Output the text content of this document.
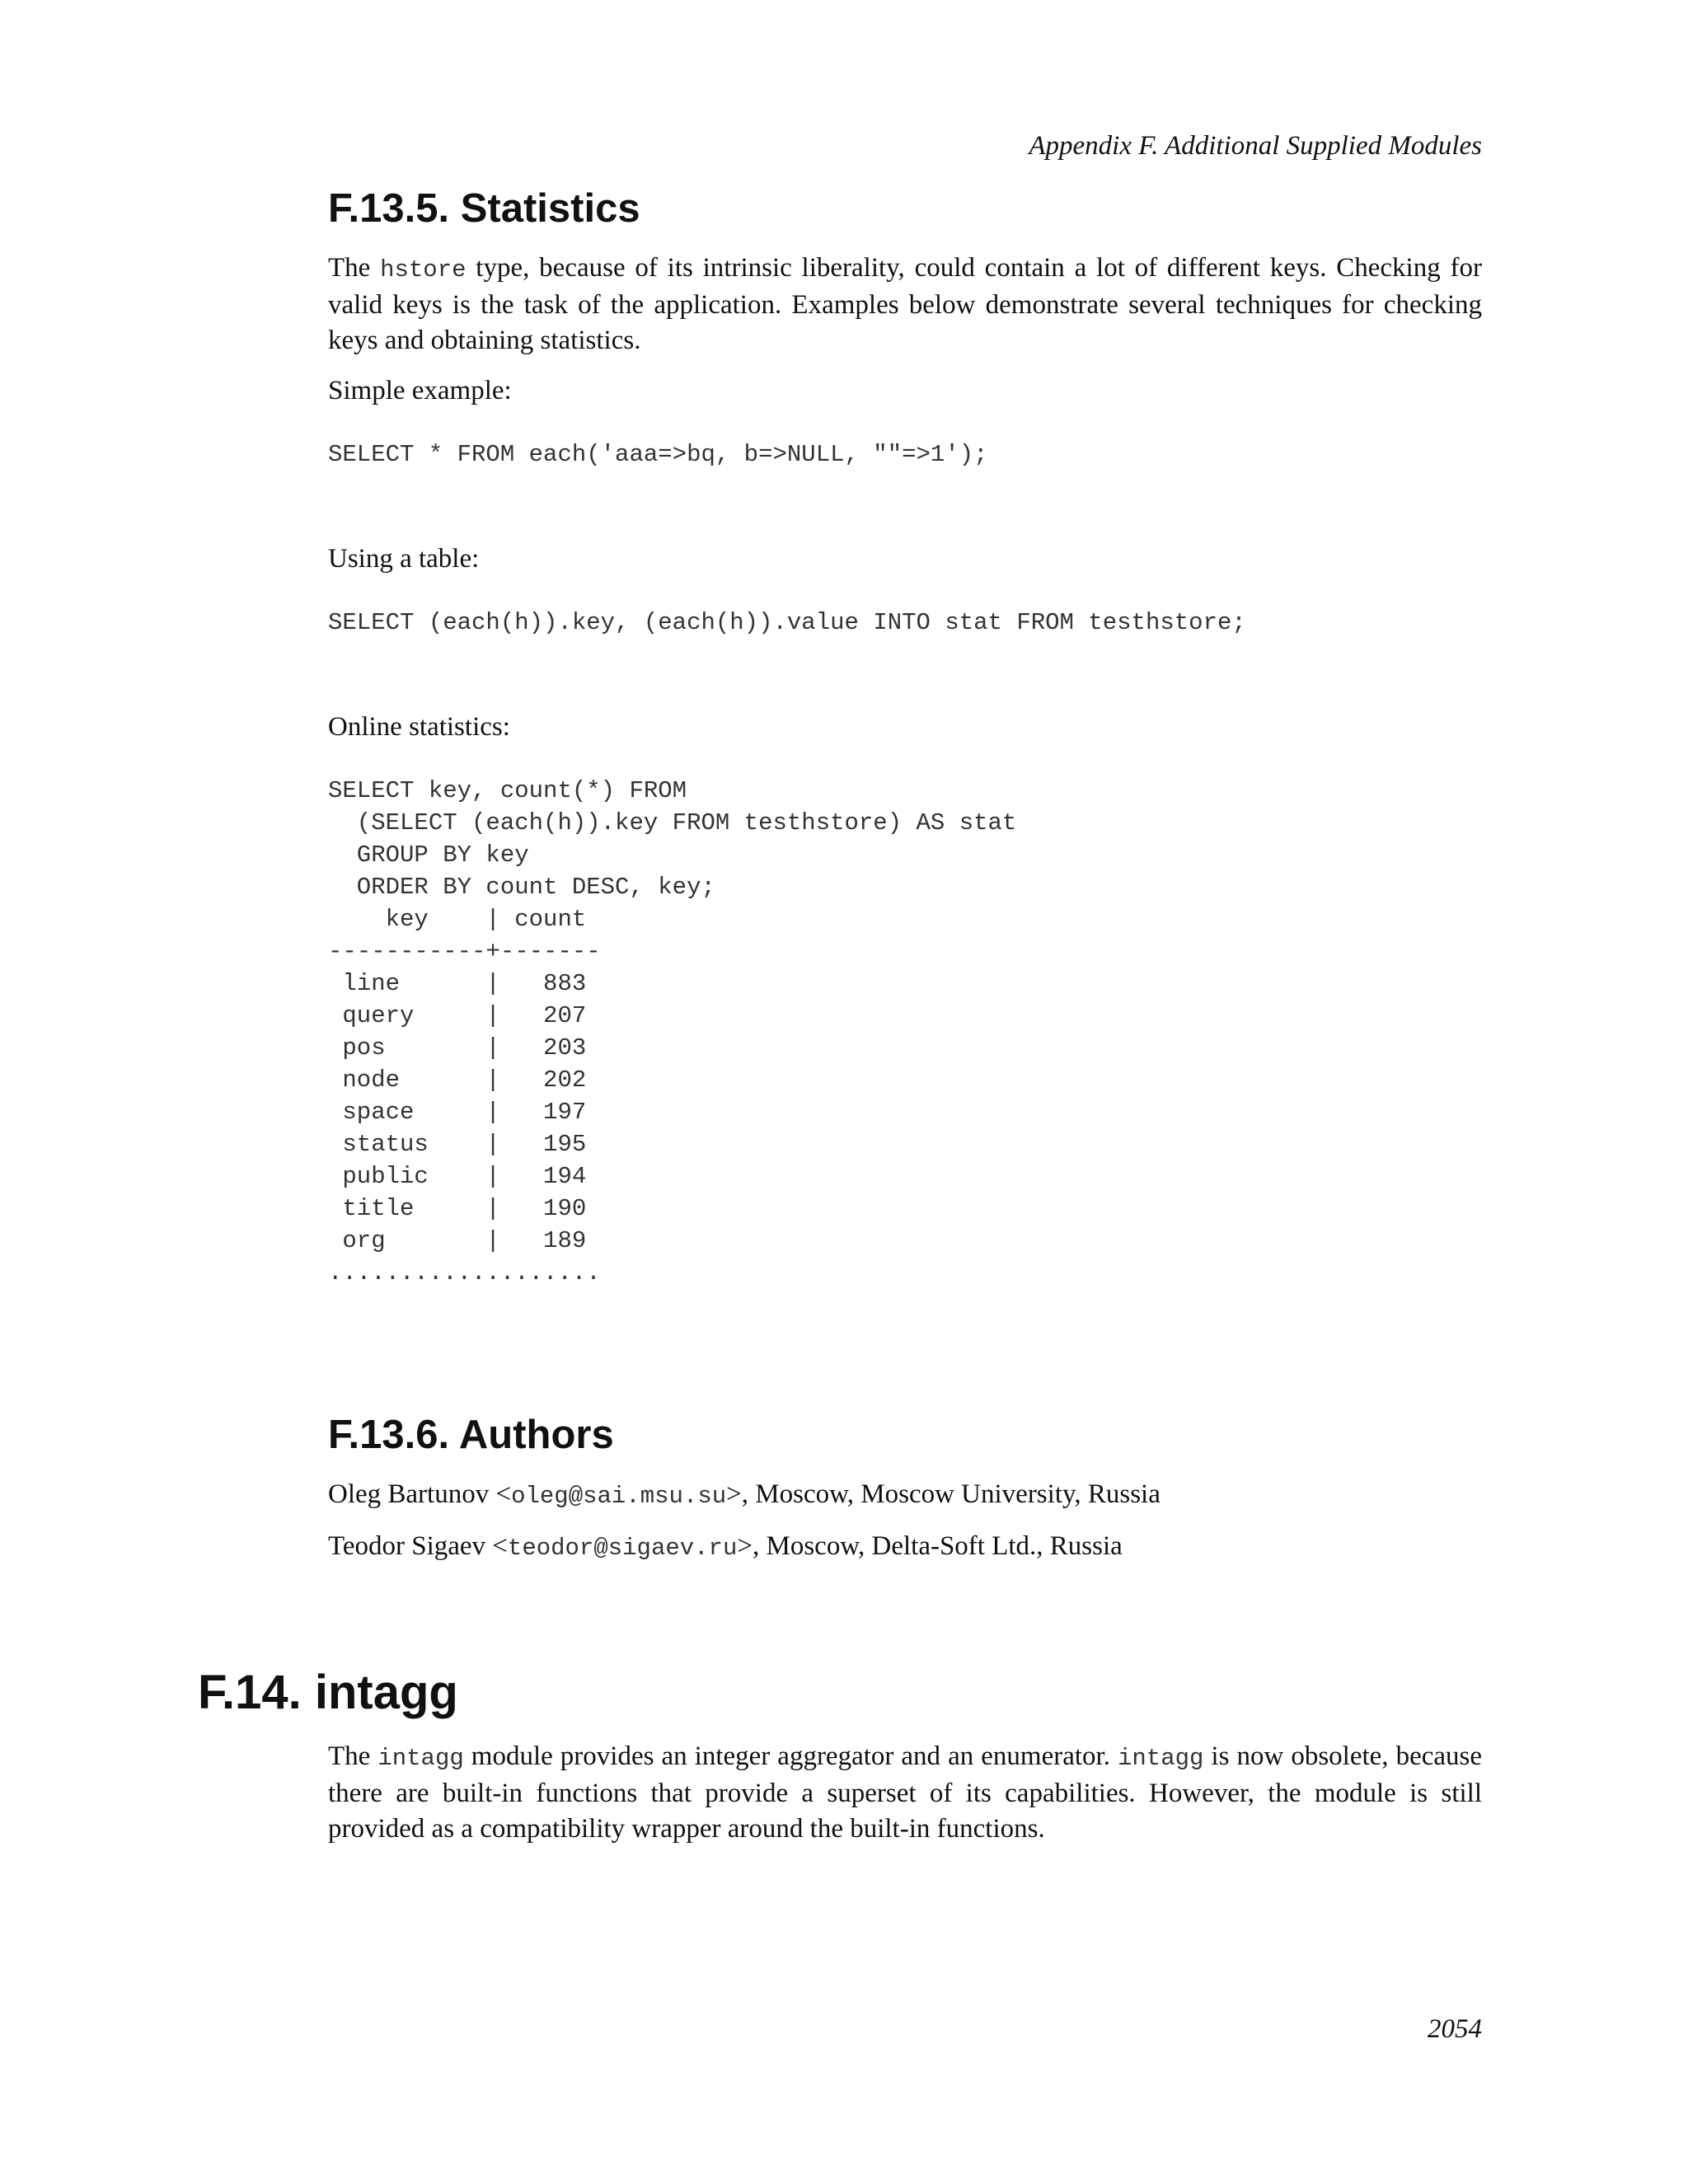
Appendix F. Additional Supplied Modules
F.13.5. Statistics

The hstore type, because of its intrinsic liberality, could contain a lot of different keys. Checking for valid keys is the task of the application. Examples below demonstrate several techniques for checking keys and obtaining statistics.

Simple example:

SELECT * FROM each('aaa=>bq, b=>NULL, ""=>1');

Using a table:

SELECT (each(h)).key, (each(h)).value INTO stat FROM testhstore;

Online statistics:

SELECT key, count(*) FROM
(SELECT (each(h)).key FROM testhstore) AS stat
GROUP BY key
ORDER BY count DESC, key;
key    | count
-----------+-------
line      |   883
query     |   207
pos       |   203
node      |   202
space     |   197
status    |   195
public    |   194
title     |   190
org       |   189
...................
F.13.6. Authors

Oleg Bartunov <oleg@sai.msu.su>, Moscow, Moscow University, Russia

Teodor Sigaev <teodor@sigaev.ru>, Moscow, Delta-Soft Ltd., Russia

F.14. intagg

The intagg module provides an integer aggregator and an enumerator. intagg is now obsolete, because there are built-in functions that provide a superset of its capabilities. However, the module is still provided as a compatibility wrapper around the built-in functions.

2054
